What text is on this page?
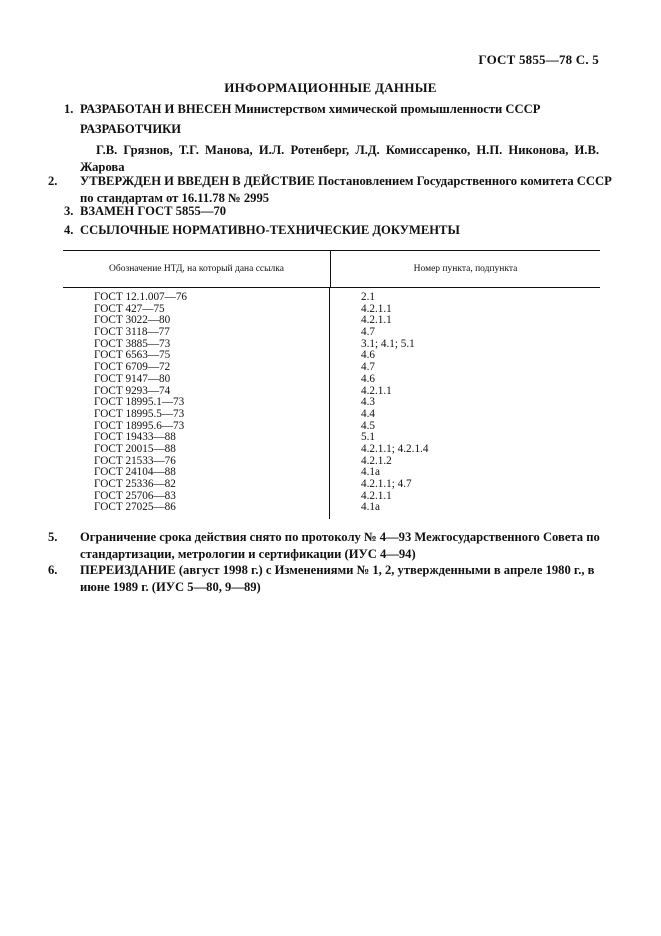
ГОСТ 5855—78 С. 5
ИНФОРМАЦИОННЫЕ ДАННЫЕ
1. РАЗРАБОТАН И ВНЕСЕН Министерством химической промышленности СССР
РАЗРАБОТЧИКИ
Г.В. Грязнов, Т.Г. Манова, И.Л. Ротенберг, Л.Д. Комиссаренко, Н.П. Никонова, И.В. Жарова
2. УТВЕРЖДЕН И ВВЕДЕН В ДЕЙСТВИЕ Постановлением Государственного комитета СССР по стандартам от 16.11.78 № 2995
3. ВЗАМЕН ГОСТ 5855—70
4. ССЫЛОЧНЫЕ НОРМАТИВНО-ТЕХНИЧЕСКИЕ ДОКУМЕНТЫ
Обозначение НТД, на который дана ссылка	Номер пункта, подпункта
ГОСТ 12.1.007—76
ГОСТ 427—75
ГОСТ 3022—80
ГОСТ 3118—77
ГОСТ 3885—73
ГОСТ 6563—75
ГОСТ 6709—72
ГОСТ 9147—80
ГОСТ 9293—74
ГОСТ 18995.1—73
ГОСТ 18995.5—73
ГОСТ 18995.6—73
ГОСТ 19433—88
ГОСТ 20015—88
ГОСТ 21533—76
ГОСТ 24104—88
ГОСТ 25336—82
ГОСТ 25706—83
ГОСТ 27025—86
2.1
4.2.1.1
4.2.1.1
4.7
3.1; 4.1; 5.1
4.6
4.7
4.6
4.2.1.1
4.3
4.4
4.5
5.1
4.2.1.1; 4.2.1.4
4.2.1.2
4.1а
4.2.1.1; 4.7
4.2.1.1
4.1а
5. Ограничение срока действия снято по протоколу № 4—93 Межгосударственного Совета по стандартизации, метрологии и сертификации (ИУС 4—94)
6. ПЕРЕИЗДАНИЕ (август 1998 г.) с Изменениями № 1, 2, утвержденными в апреле 1980 г., в июне 1989 г. (ИУС 5—80, 9—89)
